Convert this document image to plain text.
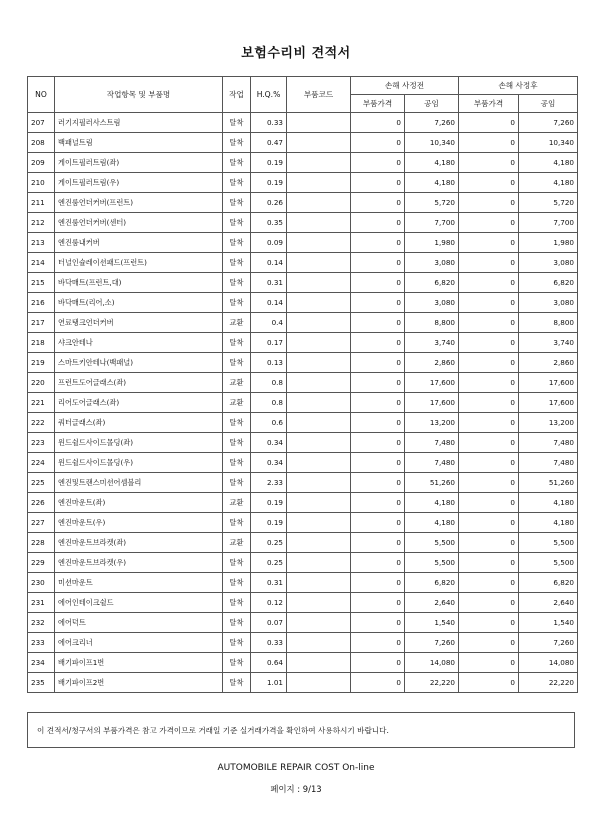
보험수리비 견적서
NO	작업항목 및 부품명	작업	H.Q.%	부품코드	손해 사정전		손해 사정후	
					부품가격	공임	부품가격	공임
207	러기지필러사스트림	탈착	0.33		0	7,260	0	7,260
208	백패널트림	탈착	0.47		0	10,340	0	10,340
209	게이트필러트림(좌)	탈착	0.19		0	4,180	0	4,180
210	게이트필러트림(우)	탈착	0.19		0	4,180	0	4,180
211	엔진룸언더커버(프런트)	탈착	0.26		0	5,720	0	5,720
212	엔진룸언더커버(센터)	탈착	0.35		0	7,700	0	7,700
213	엔진룸내커버	탈착	0.09		0	1,980	0	1,980
214	터널인슐레이션패드(프런트)	탈착	0.14		0	3,080	0	3,080
215	바닥매트(프런트,대)	탈착	0.31		0	6,820	0	6,820
216	바닥매트(리어,소)	탈착	0.14		0	3,080	0	3,080
217	연료탱크언더커버	교환	0.4		0	8,800	0	8,800
218	샤크안테나	탈착	0.17		0	3,740	0	3,740
219	스마트키안테나(백패널)	탈착	0.13		0	2,860	0	2,860
220	프런트도어글래스(좌)	교환	0.8		0	17,600	0	17,600
221	리어도어글래스(좌)	교환	0.8		0	17,600	0	17,600
222	쿼터글래스(좌)	탈착	0.6		0	13,200	0	13,200
223	윈드쉴드사이드몰딩(좌)	탈착	0.34		0	7,480	0	7,480
224	윈드쉴드사이드몰딩(우)	탈착	0.34		0	7,480	0	7,480
225	엔진및트랜스미션어셈블리	탈착	2.33		0	51,260	0	51,260
226	엔진마운트(좌)	교환	0.19		0	4,180	0	4,180
227	엔진마운트(우)	탈착	0.19		0	4,180	0	4,180
228	엔진마운트브라켓(좌)	교환	0.25		0	5,500	0	5,500
229	엔진마운트브라켓(우)	탈착	0.25		0	5,500	0	5,500
230	미션마운트	탈착	0.31		0	6,820	0	6,820
231	에어인테이크쉴드	탈착	0.12		0	2,640	0	2,640
232	에어덕트	탈착	0.07		0	1,540	0	1,540
233	에어크리너	탈착	0.33		0	7,260	0	7,260
234	배기파이프1번	탈착	0.64		0	14,080	0	14,080
235	배기파이프2번	탈착	1.01		0	22,220	0	22,220
이 견적서/청구서의 부품가격은 참고 가격이므로 거래일 기준 실거래가격을 확인하여 사용하시기 바랍니다.
AUTOMOBILE REPAIR COST On-line
페이지 : 9/13
